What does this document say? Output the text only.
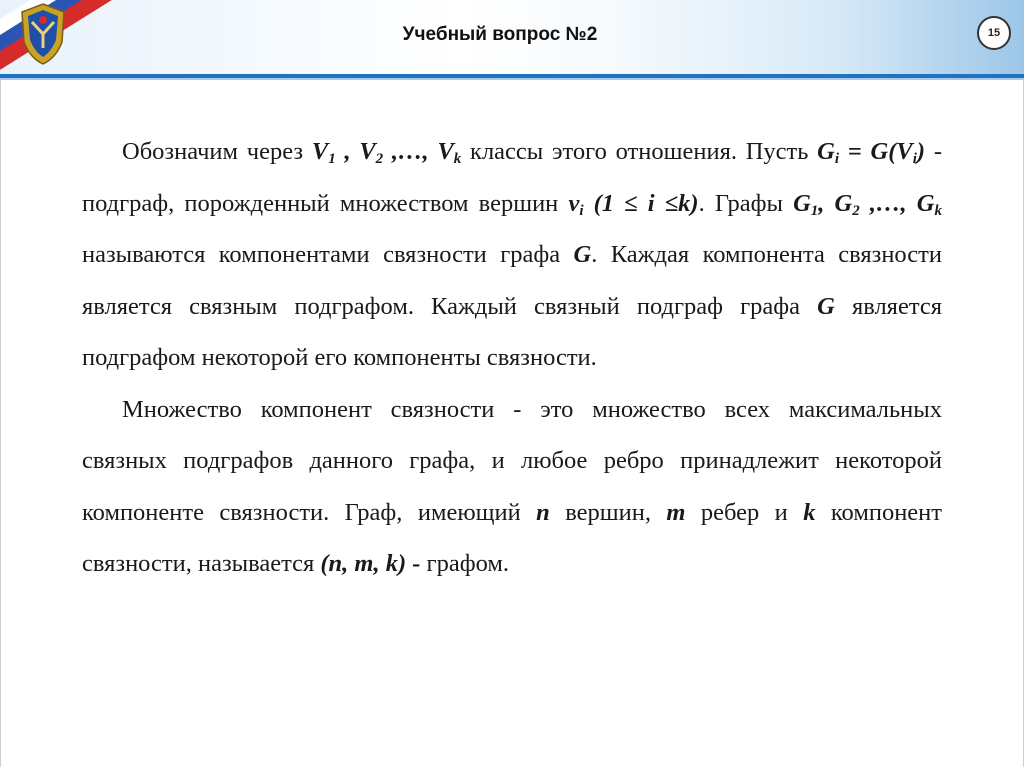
Учебный вопрос №2	15

Обозначим через $V_1$ , $V_2$ ,…, $V_k$ классы этого отношения. Пусть $G_i = G(V_i)$ - подграф, порожденный множеством вершин $v_i$ (1 ≤ i ≤k). Графы $G_1$, $G_2$ ,…, $G_k$ называются компонентами связности графа G. Каждая компонента связности является связным подграфом. Каждый связный подграф графа G является подграфом некоторой его компоненты связности.

Множество компонент связности - это множество всех максимальных связных подграфов данного графа, и любое ребро принадлежит некоторой компоненте связности. Граф, имеющий n вершин, m ребер и k компонент связности, называется (n, m, k) - графом.
